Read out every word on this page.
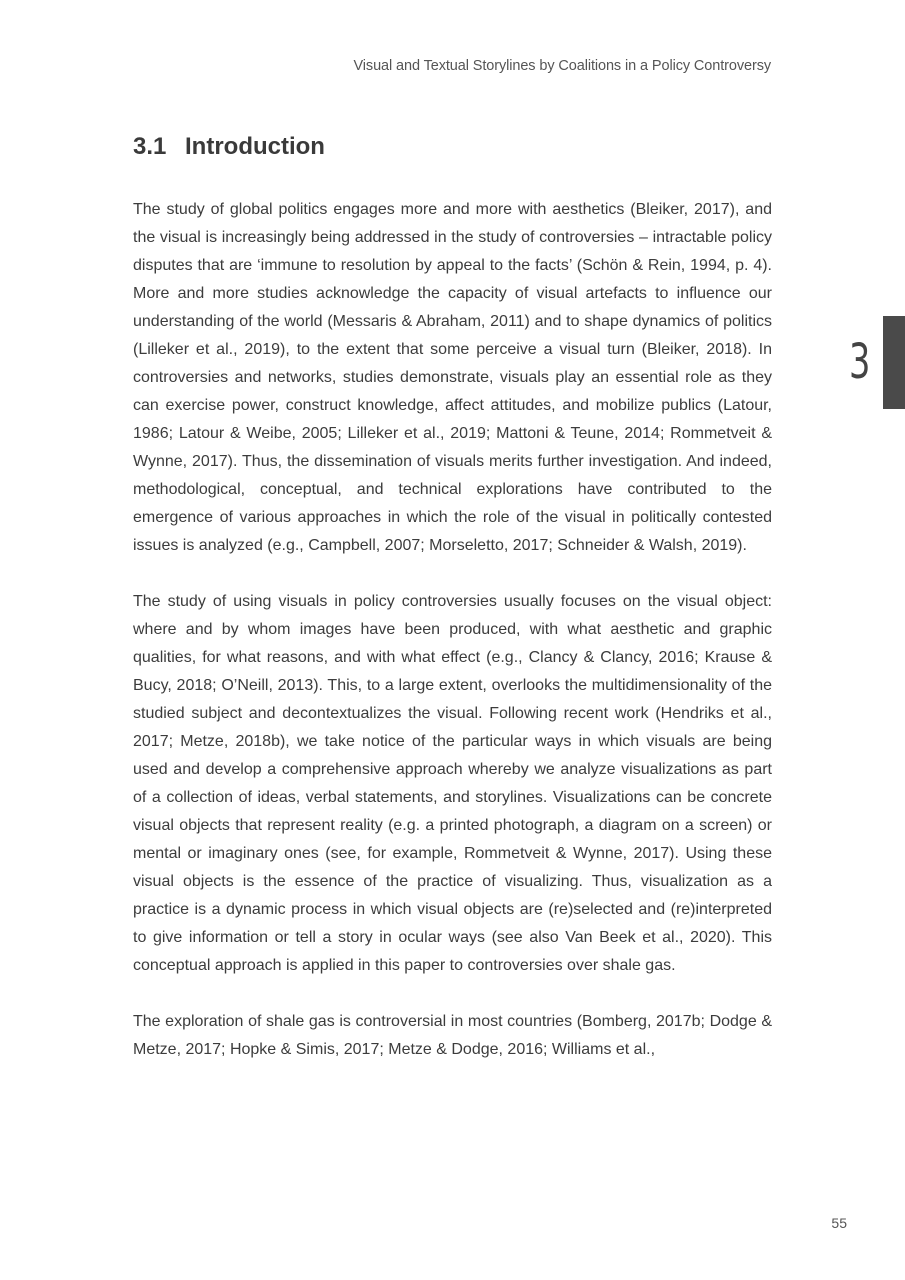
Visual and Textual Storylines by Coalitions in a Policy Controversy
3.1 Introduction

The study of global politics engages more and more with aesthetics (Bleiker, 2017), and the visual is increasingly being addressed in the study of controversies – intractable policy disputes that are ‘immune to resolution by appeal to the facts’ (Schön & Rein, 1994, p. 4). More and more studies acknowledge the capacity of visual artefacts to influence our understanding of the world (Messaris & Abraham, 2011) and to shape dynamics of politics (Lilleker et al., 2019), to the extent that some perceive a visual turn (Bleiker, 2018). In controversies and networks, studies demonstrate, visuals play an essential role as they can exercise power, construct knowledge, affect attitudes, and mobilize publics (Latour, 1986; Latour & Weibe, 2005; Lilleker et al., 2019; Mattoni & Teune, 2014; Rommetveit & Wynne, 2017). Thus, the dissemination of visuals merits further investigation. And indeed, methodological, conceptual, and technical explorations have contributed to the emergence of various approaches in which the role of the visual in politically contested issues is analyzed (e.g., Campbell, 2007; Morseletto, 2017; Schneider & Walsh, 2019).

The study of using visuals in policy controversies usually focuses on the visual object: where and by whom images have been produced, with what aesthetic and graphic qualities, for what reasons, and with what effect (e.g., Clancy & Clancy, 2016; Krause & Bucy, 2018; O’Neill, 2013). This, to a large extent, overlooks the multidimensionality of the studied subject and decontextualizes the visual. Following recent work (Hendriks et al., 2017; Metze, 2018b), we take notice of the particular ways in which visuals are being used and develop a comprehensive approach whereby we analyze visualizations as part of a collection of ideas, verbal statements, and storylines. Visualizations can be concrete visual objects that represent reality (e.g. a printed photograph, a diagram on a screen) or mental or imaginary ones (see, for example, Rommetveit & Wynne, 2017). Using these visual objects is the essence of the practice of visualizing. Thus, visualization as a practice is a dynamic process in which visual objects are (re)selected and (re)interpreted to give information or tell a story in ocular ways (see also Van Beek et al., 2020). This conceptual approach is applied in this paper to controversies over shale gas.

The exploration of shale gas is controversial in most countries (Bomberg, 2017b; Dodge & Metze, 2017; Hopke & Simis, 2017; Metze & Dodge, 2016; Williams et al.,

3
55
